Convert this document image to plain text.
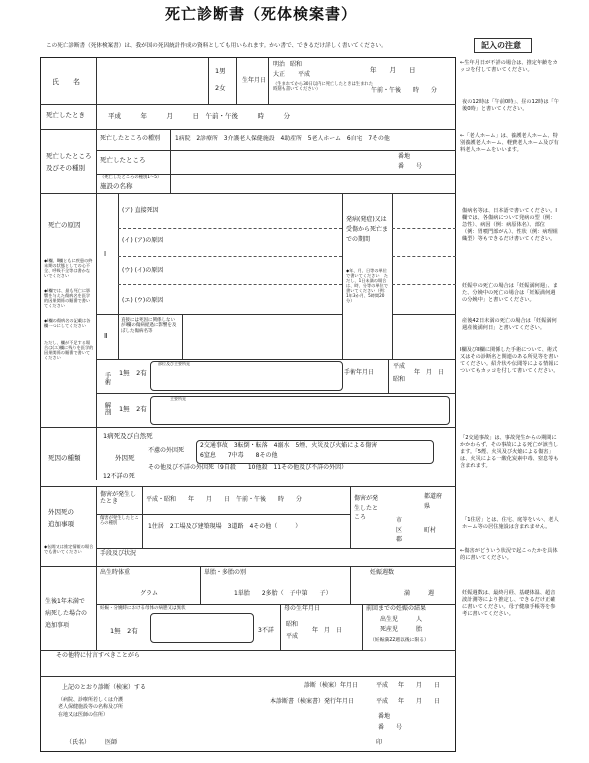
死亡診断書（死体検案書）
この死亡診断書（死体検案書）は、我が国の死因統計作成の資料としても用いられます。かい書で、できるだけ詳しく書いてください。	記入の注意
氏　　名
1男
2女
生年月日
明治 昭和
大正 平成
年　　月　　日
（生まれてから30日以内に死亡したときは生まれた時刻も書いてください）	午前・午後　　時　　分
死亡したとき	平成　　　年　　　月　　　日　午前・午後　　　時　　　分
死亡したところ
及びその種別
死亡したところの種別	1病院　2診療所　3介護老人保健施設　4助産所　5老人ホーム　6自宅　7その他
死亡したところ	番地
番　　号
（死亡したところの種別1～5）
施設の名称
死亡の原因
◆Ⅰ欄、Ⅱ欄ともに疾患の終末期の状態としての心不全、呼吸不全等は書かないでください
◆Ⅰ欄では、最も死亡に影響を与えた傷病名を医学的因果関係の順番で書いてください
◆Ⅰ欄の傷病名の記載は各欄一つにしてください
ただし、欄が不足する場合は(エ)欄に残りを医学的因果関係の順番で書いてください
Ⅰ
Ⅱ
(ア) 直接死因
(イ) (ア)の原因
(ウ) (イ)の原因
(エ) (ウ)の原因
直接には死因に関係しないがⅠ欄の傷病経過に影響を及ぼした傷病名等
発病(発症)又は受傷から死亡までの期間
◆年、月、日等の単位で書いてください　ただし、1日未満の場合は、時、分等の単位で書いてください（例：1年3か月、5時間20分）
手術 1無　2有
部位及び主要所見
手術年月日
平成
昭和
年　月　日
解剖 1無　2有
主要所見
死因の種類
1病死及び自然死
外因死
不慮の外因死
2交通事故　3転倒・転落　4溺水　5煙、火災及び火焔による傷害
6窒息　　7中毒　　8その他
その他及び不詳の外因死（9自殺　　10他殺　11その他及び不詳の外因）
12不詳の死
外因死の
追加事項
◆伝聞又は推定情報の場合でも書いてください
傷害が発生したとき	平成・昭和　　年　　月　　日　午前・午後　　時　　分	傷害が発生したところ
都道府県
市区郡
町村
傷害が発生したところの種別	1住居　2工場及び建築現場　3道路　4その他（　　　）
手段及び状況
生後1年未満で
病死した場合の
追加事項
出生時体重
グラム
単胎・多胎の別
1単胎　　2多胎（　子中第　　子）
妊娠週数
満　　　週
妊娠・分娩時における母体の病態又は異状
1無　2有	3不詳
母の生年月日
昭和
平成
年　月　日
前回までの妊娠の結果
出生児　　　人
死産児　　　胎
（妊娠満22週以後に限る）
その他特に付言すべきことがら
上記のとおり診断（検案）する	診断（検案）年月日	平成 年　　月　　日
本診断書（検案書）発行年月日	平成 年　　月　　日
（病院、診療所若しくは介護老人保健施設等の名称及び所在地又は医師の住所）	番地
番　　号
（氏名）　　　医師	印
←生年月日が不詳の場合は、推定年齢をカッコを付して書いてください。
夜の12時は「午前0時」、昼の12時は「午後0時」と書いてください。
←「老人ホーム」は、養護老人ホーム、特別養護老人ホーム、軽費老人ホーム及び有料老人ホームをいいます。
傷病名等は、日本語で書いてください。Ⅰ欄では、各傷病について発病の型（例：急性）、病因（例：病原体名）、部位（例：胃噴門部がん）、性状（例：病理組織型）等もできるだけ書いてください。
妊娠中の死亡の場合は「妊娠満何週」、また、分娩中の死亡の場合は「妊娠満何週の分娩中」と書いてください。
産後42日未満の死亡の場合は「妊娠満何週産後満何日」と書いてください。
Ⅰ欄及びⅡ欄に関係した手術について、術式又はその診断名と関連のある所見等を書いてください。紹介状や伝聞等による情報についてもカッコを付して書いてください。
「2交通事故」は、事故発生からの期間にかかわらず、その事故による死亡が該当します。「5煙、火災及び火焔による傷害」は、火災による一酸化炭素中毒、窒息等も含まれます。
「1住居」とは、住宅、庭等をいい、老人ホーム等の居住施設は含まれません。
←傷害がどういう状況で起こったかを具体的に書いてください。
妊娠週数は、最終月経、基礎体温、超音波計測等により推定し、できるだけ正確に書いてください。母子健康手帳等を参考に書いてください。
